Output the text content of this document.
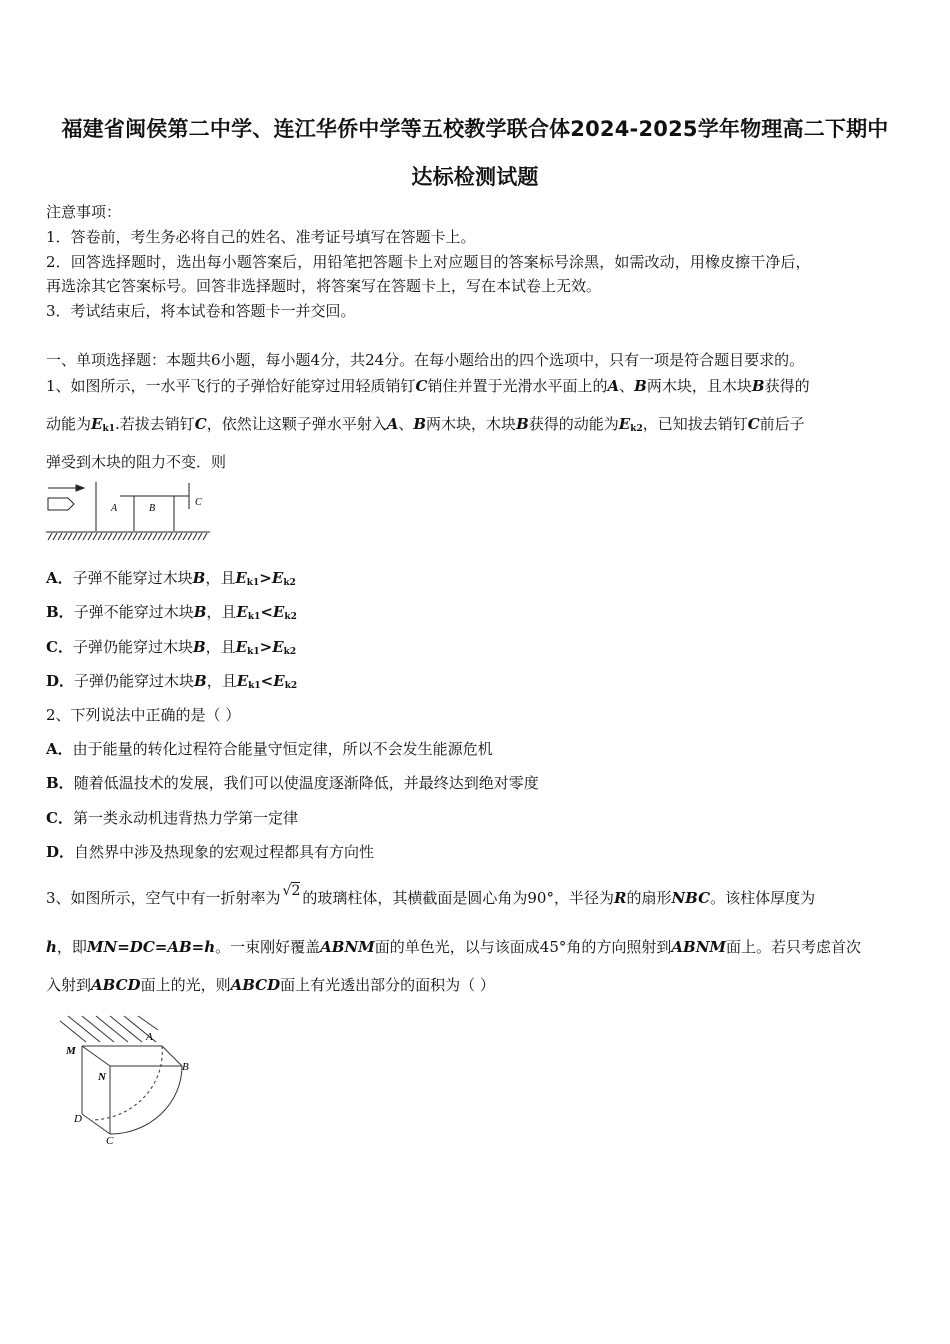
福建省闽侯第二中学、连江华侨中学等五校教学联合体2024-2025学年物理高二下期中
达标检测试题
注意事项：
1．答卷前，考生务必将自己的姓名、准考证号填写在答题卡上。
2．回答选择题时，选出每小题答案后，用铅笔把答题卡上对应题目的答案标号涂黑，如需改动，用橡皮擦干净后，
再选涂其它答案标号。回答非选择题时，将答案写在答题卡上，写在本试卷上无效。
3．考试结束后，将本试卷和答题卡一并交回。
一、单项选择题：本题共6小题，每小题4分，共24分。在每小题给出的四个选项中，只有一项是符合题目要求的。
1、如图所示，一水平飞行的子弹恰好能穿过用轻质销钉C销住并置于光滑水平面上的A、B两木块，且木块B获得的
动能为$E_{k1}$.若拔去销钉C，依然让这颗子弹水平射入A、B两木块，木块B获得的动能为$E_{k2}$，已知拔去销钉C前后子
弹受到木块的阻力不变．则
A	B
C
A．子弹不能穿过木块B，且$E_{k1}>E_{k2}$
B．子弹不能穿过木块B，且$E_{k1}<E_{k2}$
C．子弹仍能穿过木块B，且$E_{k1}>E_{k2}$
D．子弹仍能穿过木块B，且$E_{k1}<E_{k2}$
2、下列说法中正确的是（ ）
A．由于能量的转化过程符合能量守恒定律，所以不会发生能源危机
B．随着低温技术的发展，我们可以使温度逐渐降低，并最终达到绝对零度
C．第一类永动机违背热力学第一定律
D．自然界中涉及热现象的宏观过程都具有方向性
3、如图所示，空气中有一折射率为 √2 的玻璃柱体，其横截面是圆心角为90°，半径为R的扇形NBC。该柱体厚度为
h，即MN=DC=AB=h。一束刚好覆盖ABNM面的单色光，以与该面成45°角的方向照射到ABNM面上。若只考虑首次
入射到ABCD面上的光，则ABCD面上有光透出部分的面积为（ ）
M
A
N
B
D
C
